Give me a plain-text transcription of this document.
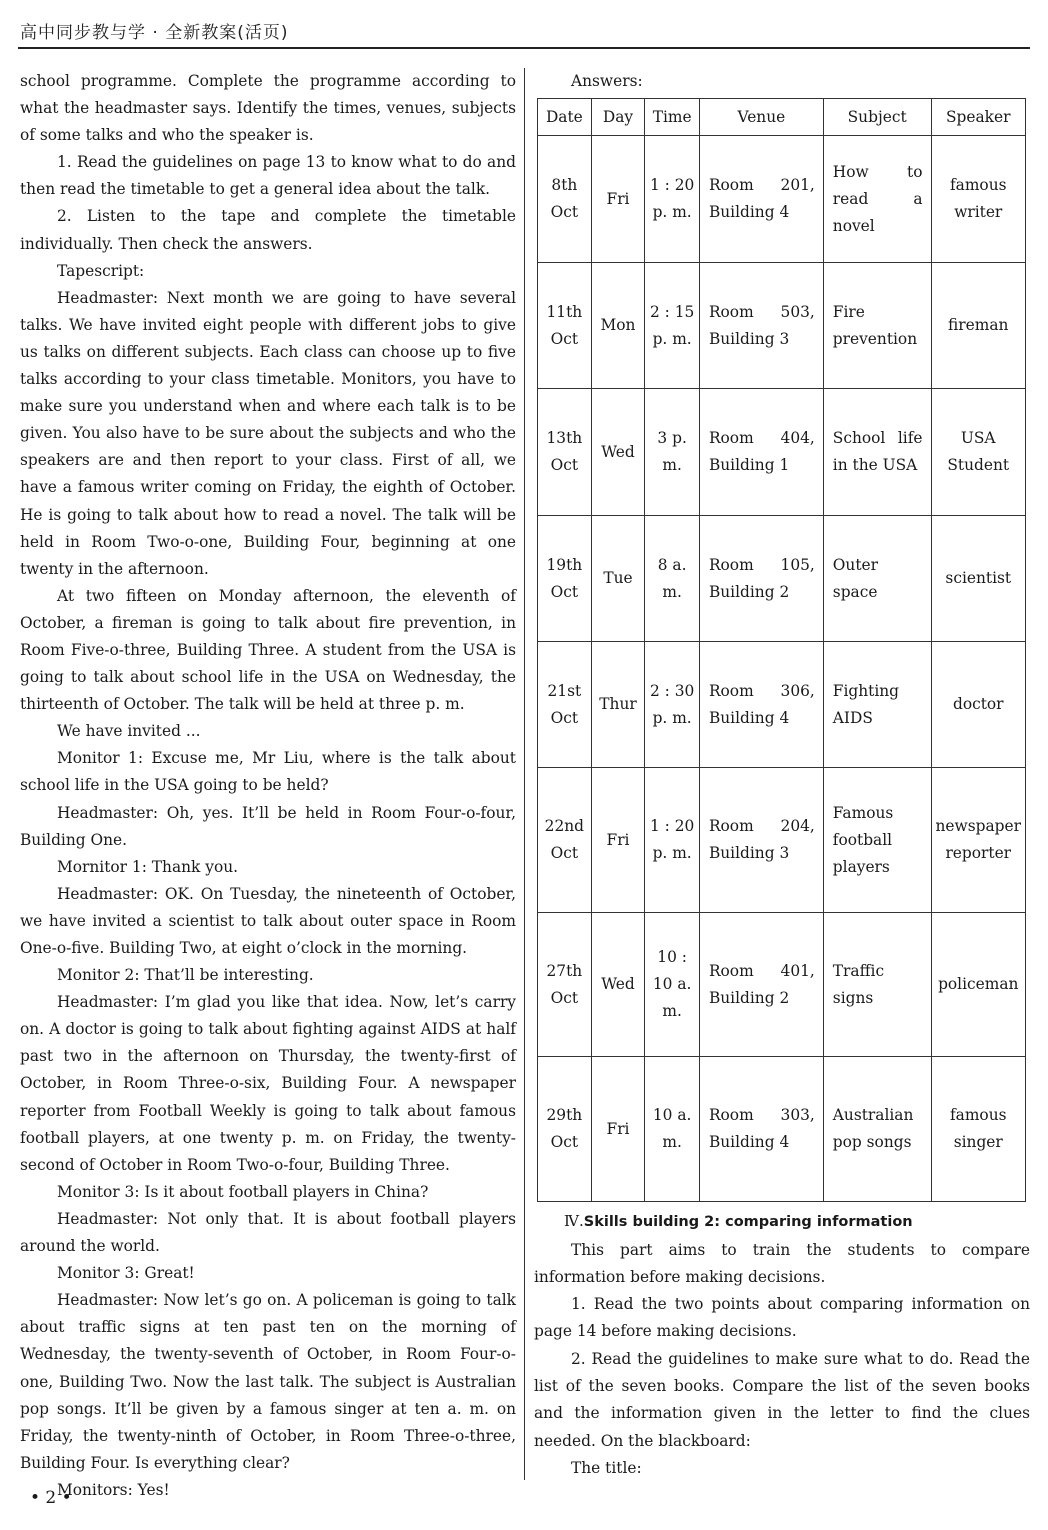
高中同步教与学 · 全新教案(活页)

school programme. Complete the programme according to what the headmaster says. Identify the times, venues, subjects of some talks and who the speaker is.

1. Read the guidelines on page 13 to know what to do and then read the timetable to get a general idea about the talk.

2. Listen to the tape and complete the timetable individually. Then check the answers.

Tapescript:

Headmaster: Next month we are going to have several talks. We have invited eight people with different jobs to give us talks on different subjects. Each class can choose up to five talks according to your class timetable. Monitors, you have to make sure you understand when and where each talk is to be given. You also have to be sure about the subjects and who the speakers are and then report to your class. First of all, we have a famous writer coming on Friday, the eighth of October. He is going to talk about how to read a novel. The talk will be held in Room Two-o-one, Building Four, beginning at one twenty in the afternoon.

At two fifteen on Monday afternoon, the eleventh of October, a fireman is going to talk about fire prevention, in Room Five-o-three, Building Three. A student from the USA is going to talk about school life in the USA on Wednesday, the thirteenth of October. The talk will be held at three p. m.

We have invited ...

Monitor 1: Excuse me, Mr Liu, where is the talk about school life in the USA going to be held?

Headmaster: Oh, yes. It’ll be held in Room Four-o-four, Building One.

Mornitor 1: Thank you.

Headmaster: OK. On Tuesday, the nineteenth of October, we have invited a scientist to talk about outer space in Room One-o-five. Building Two, at eight o’clock in the morning.

Monitor 2: That’ll be interesting.

Headmaster: I’m glad you like that idea. Now, let’s carry on. A doctor is going to talk about fighting against AIDS at half past two in the afternoon on Thursday, the twenty-first of October, in Room Three-o-six, Building Four. A newspaper reporter from Football Weekly is going to talk about famous football players, at one twenty p. m. on Friday, the twenty-second of October in Room Two-o-four, Building Three.

Monitor 3: Is it about football players in China?

Headmaster: Not only that. It is about football players around the world.

Monitor 3: Great!

Headmaster: Now let’s go on. A policeman is going to talk about traffic signs at ten past ten on the morning of Wednesday, the twenty-seventh of October, in Room Four-o-one, Building Two. Now the last talk. The subject is Australian pop songs. It’ll be given by a famous singer at ten a. m. on Friday, the twenty-ninth of October, in Room Three-o-three, Building Four. Is everything clear?

Monitors: Yes!

Answers:

Date	Day	Time	Venue	Subject	Speaker
8th Oct	Fri	1 : 20 p. m.	Room 201, Building 4	How to read a novel	famous writer
11th Oct	Mon	2 : 15 p. m.	Room 503, Building 3	Fire prevention	fireman
13th Oct	Wed	3 p. m.	Room 404, Building 1	School life in the USA	USA Student
19th Oct	Tue	8 a. m.	Room 105, Building 2	Outer space	scientist
21st Oct	Thur	2 : 30 p. m.	Room 306, Building 4	Fighting AIDS	doctor
22nd Oct	Fri	1 : 20 p. m.	Room 204, Building 3	Famous football players	newspaper reporter
27th Oct	Wed	10 : 10 a. m.	Room 401, Building 2	Traffic signs	policeman
29th Oct	Fri	10 a. m.	Room 303, Building 4	Australian pop songs	famous singer

Ⅳ.Skills building 2: comparing information

This part aims to train the students to compare information before making decisions.

1. Read the two points about comparing information on page 14 before making decisions.

2. Read the guidelines to make sure what to do. Read the list of the seven books. Compare the list of the seven books and the information given in the letter to find the clues needed. On the blackboard:

The title:

• 2 •
